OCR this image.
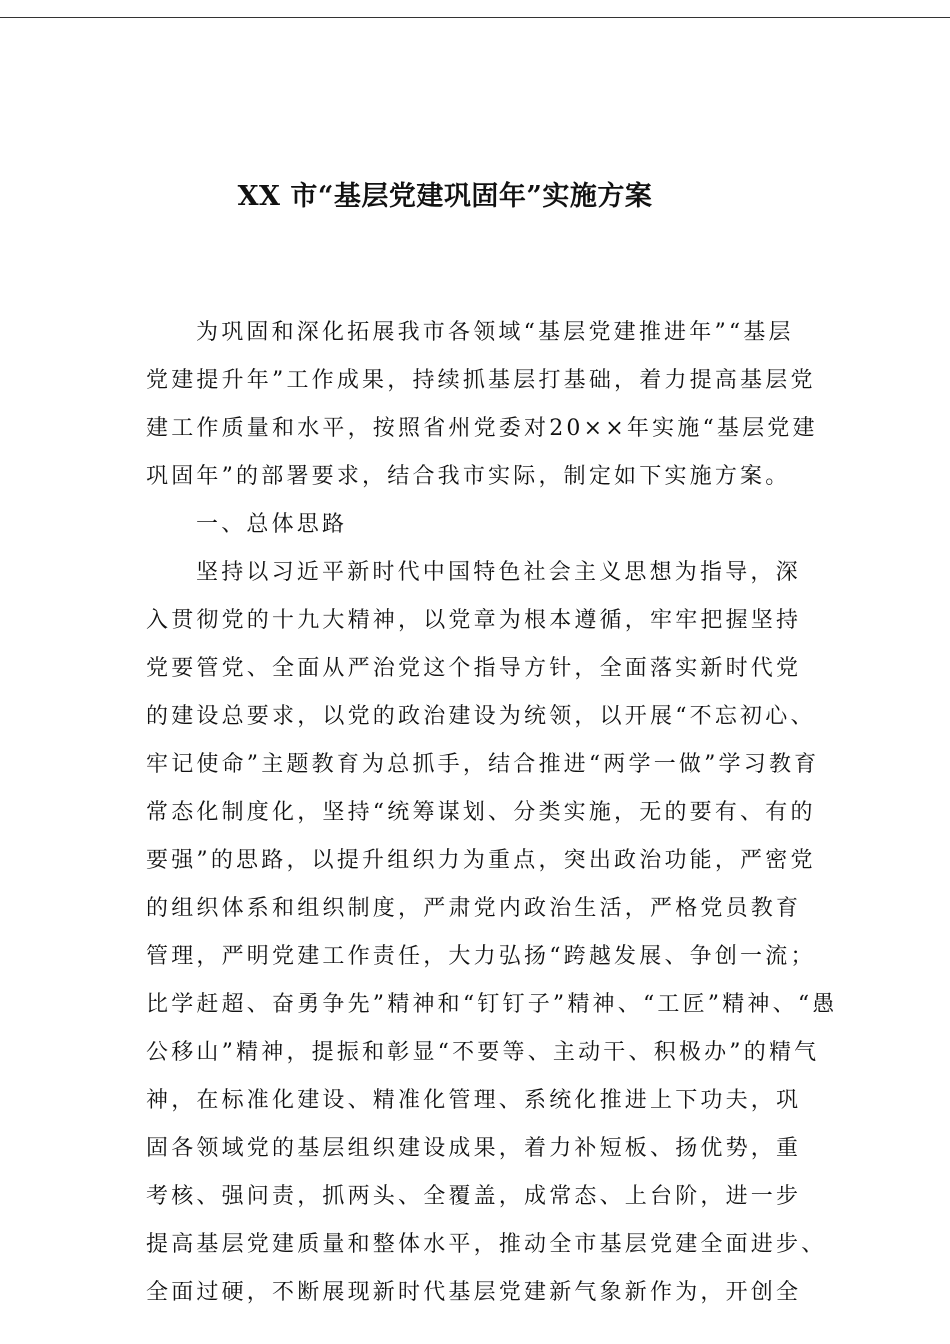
XX 市“基层党建巩固年”实施方案

为巩固和深化拓展我市各领域“基层党建推进年”“基层

党建提升年”工作成果，持续抓基层打基础，着力提高基层党

建工作质量和水平，按照省州党委对20××年实施“基层党建

巩固年”的部署要求，结合我市实际，制定如下实施方案。

一、总体思路

坚持以习近平新时代中国特色社会主义思想为指导，深

入贯彻党的十九大精神，以党章为根本遵循，牢牢把握坚持

党要管党、全面从严治党这个指导方针，全面落实新时代党

的建设总要求，以党的政治建设为统领，以开展“不忘初心、

牢记使命”主题教育为总抓手，结合推进“两学一做”学习教育

常态化制度化，坚持“统筹谋划、分类实施，无的要有、有的

要强”的思路，以提升组织力为重点，突出政治功能，严密党

的组织体系和组织制度，严肃党内政治生活，严格党员教育

管理，严明党建工作责任，大力弘扬“跨越发展、争创一流；

比学赶超、奋勇争先”精神和“钉钉子”精神、“工匠”精神、“愚

公移山”精神，提振和彰显“不要等、主动干、积极办”的精气

神，在标准化建设、精准化管理、系统化推进上下功夫，巩

固各领域党的基层组织建设成果，着力补短板、扬优势，重

考核、强问责，抓两头、全覆盖，成常态、上台阶，进一步

提高基层党建质量和整体水平，推动全市基层党建全面进步、

全面过硬，不断展现新时代基层党建新气象新作为，开创全
